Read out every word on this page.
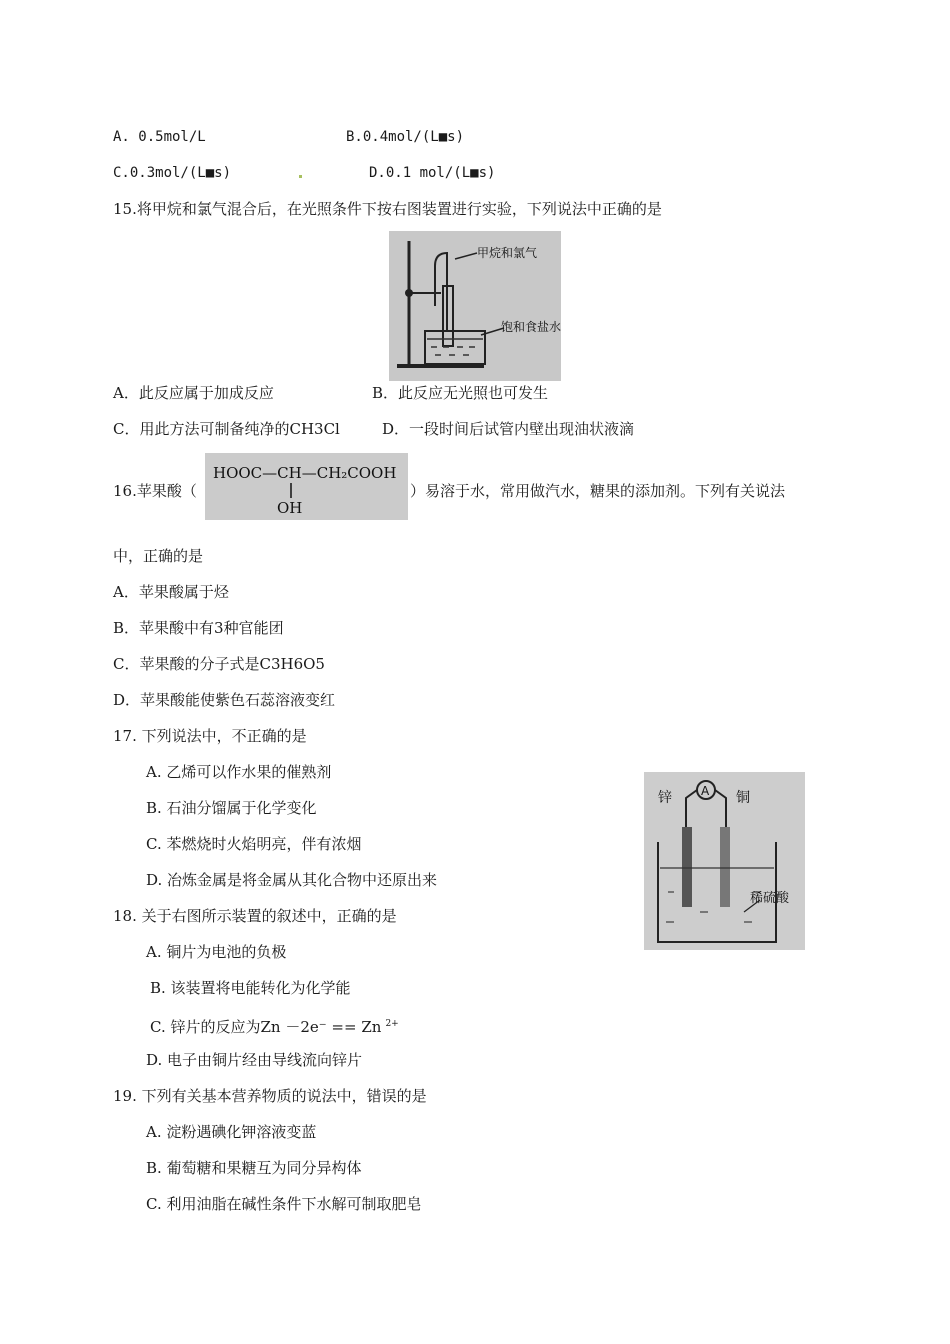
A. 0.5mol/L	B.0.4mol/(L■s)
C.0.3mol/(L■s)	D.0.1 mol/(L■s)
15.将甲烷和氯气混合后，在光照条件下按右图装置进行实验，下列说法中正确的是
甲烷和氯气
饱和食盐水
A．此反应属于加成反应	B．此反应无光照也可发生
C．用此方法可制备纯净的CH3Cl	D．一段时间后试管内壁出现油状液滴
16.苹果酸（
HOOC—CH—CH₂COOH
OH
）易溶于水，常用做汽水，糖果的添加剂。下列有关说法
中，正确的是
A．苹果酸属于烃
B．苹果酸中有3种官能团
C．苹果酸的分子式是C3H6O5
D．苹果酸能使紫色石蕊溶液变红
17. 下列说法中，不正确的是
A. 乙烯可以作水果的催熟剂
B. 石油分馏属于化学变化
C. 苯燃烧时火焰明亮，伴有浓烟
D. 冶炼金属是将金属从其化合物中还原出来
A
锌	铜
稀硫酸
18. 关于右图所示装置的叙述中，正确的是
A. 铜片为电池的负极
B. 该装置将电能转化为化学能
C. 锌片的反应为Zn －2e⁻ == Zn $^{2+}$
D. 电子由铜片经由导线流向锌片
19. 下列有关基本营养物质的说法中，错误的是
A. 淀粉遇碘化钾溶液变蓝
B. 葡萄糖和果糖互为同分异构体
C. 利用油脂在碱性条件下水解可制取肥皂
